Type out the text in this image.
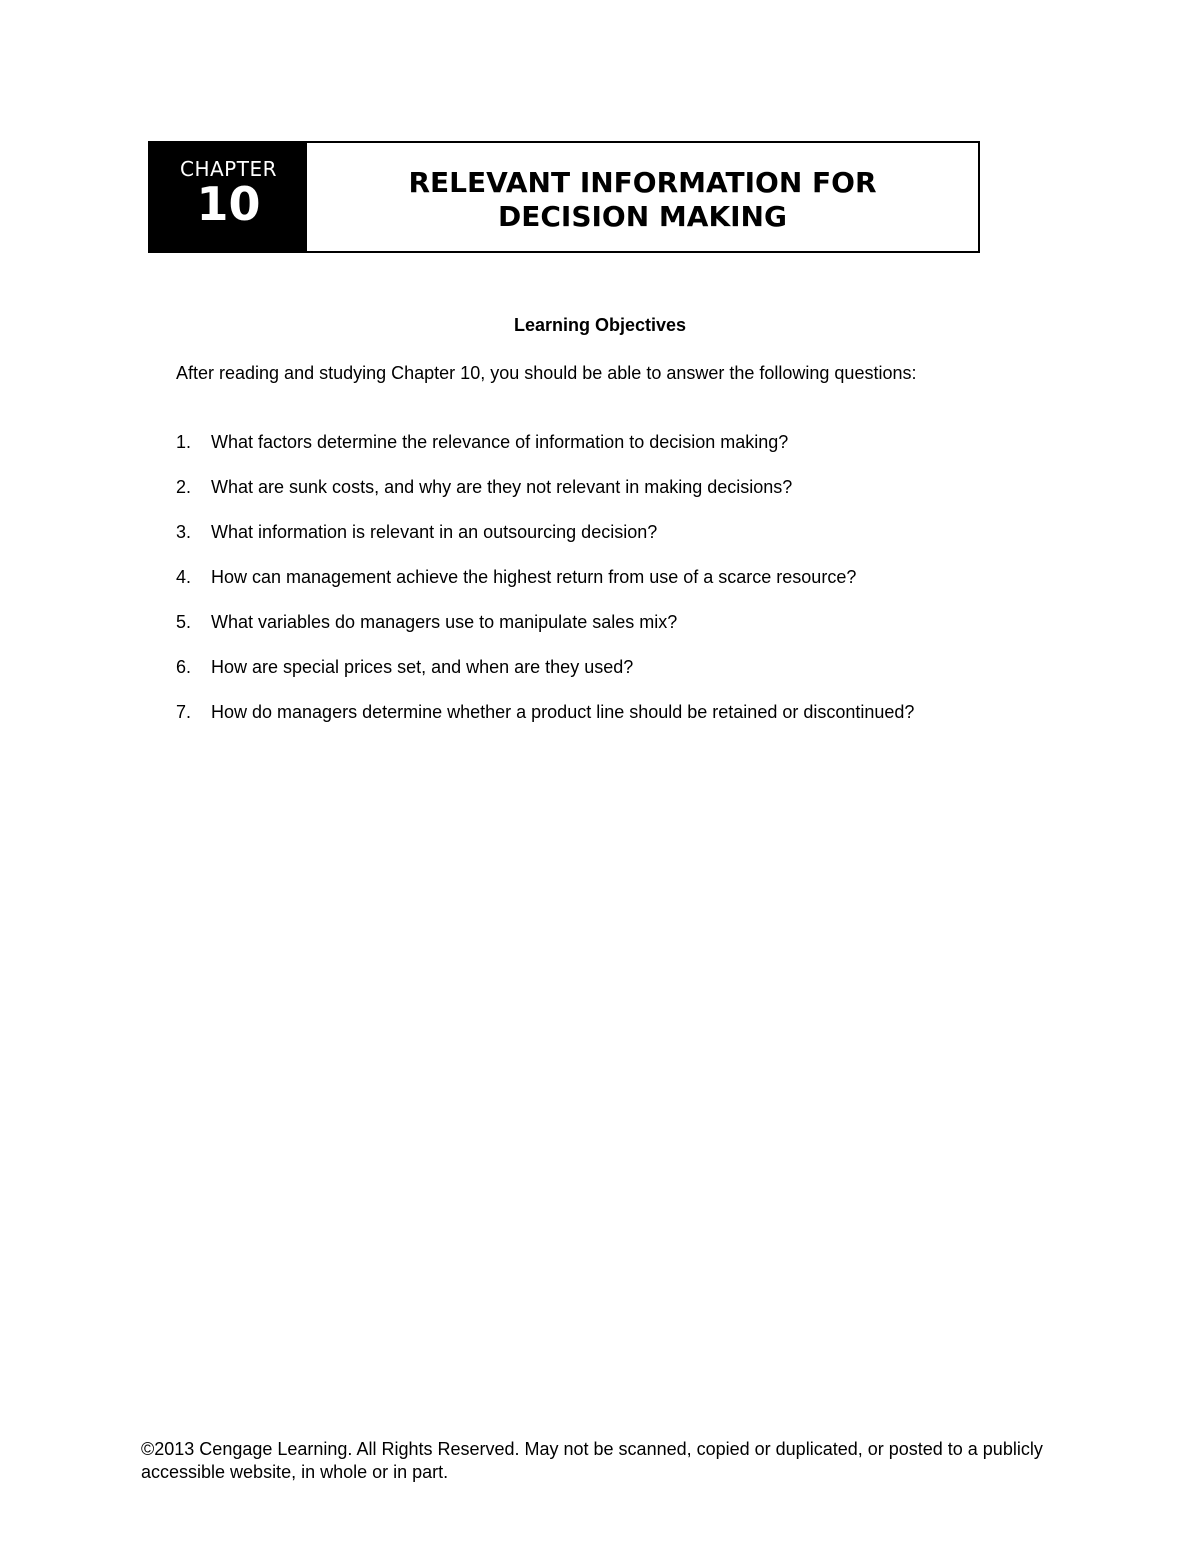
CHAPTER
10	RELEVANT INFORMATION FOR
DECISION MAKING
Learning Objectives
After reading and studying Chapter 10, you should be able to answer the following questions:
1.	What factors determine the relevance of information to decision making?
2.	What are sunk costs, and why are they not relevant in making decisions?
3.	What information is relevant in an outsourcing decision?
4.	How can management achieve the highest return from use of a scarce resource?
5.	What variables do managers use to manipulate sales mix?
6.	How are special prices set, and when are they used?
7.	How do managers determine whether a product line should be retained or discontinued?
©2013 Cengage Learning. All Rights Reserved. May not be scanned, copied or duplicated, or posted to a publicly accessible website, in whole or in part.
